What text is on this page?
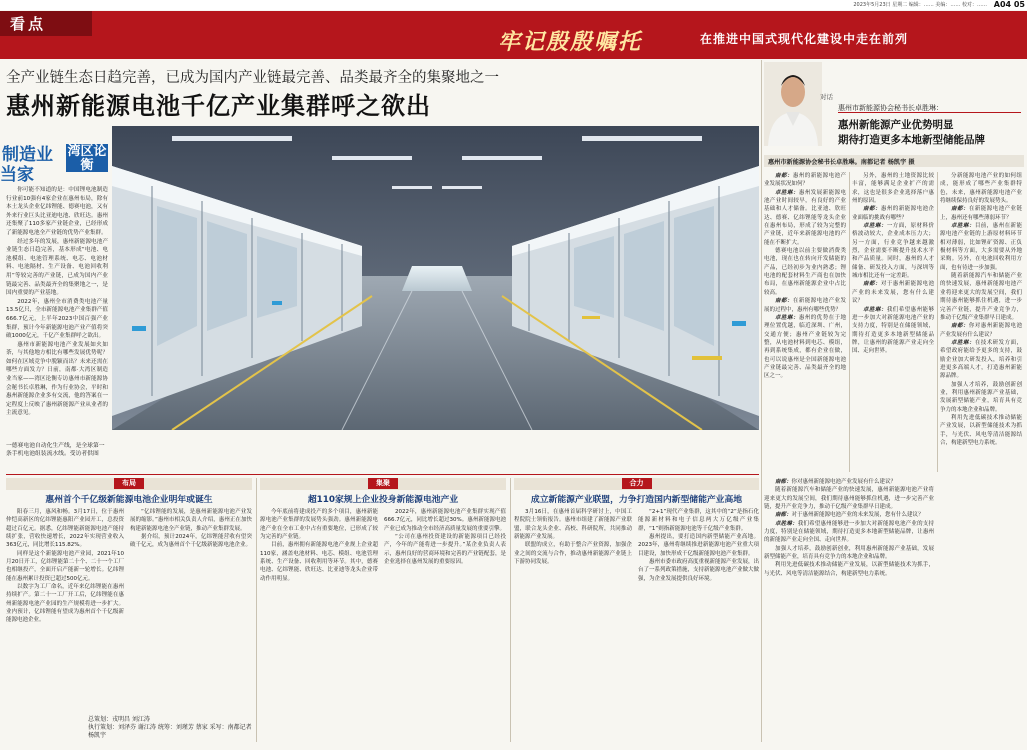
2023年5月23日 星期二 编辑：…… 美编：…… 校对：…… A04 05
看点
牢记殷殷嘱托	在推进中国式现代化建设中走在前列
全产业链生态日趋完善，已成为国内产业链最完善、品类最齐全的集聚地之一
惠州新能源电池千亿产业集群呼之欲出
制造业
当家
湾区论衡

你可能不知道的是：中国锂电池制造行业前10强有4家企业在惠州布局，除有本土龙头企业亿纬锂能、德赛电池，又有外来行业巨头比亚迪电池、欣旺达。惠州还集聚了110多家产业链企业，已经形成了新能源电池全产业链的优势产业集群。

经过多年的发展，惠州新能源电池产业链生态日趋完善，基本形成“电池、电池模组、电池管理系统、电芯、电池材料、电池隔材、生产设备、电池回收利用”等较完善的产业链，已成为国内产业链最完善、品类最齐全的集聚地之一，是国内重要的产业基地。

2022年，惠州全市消费类电池产量13.5亿只，全市新能源电池产业集群产值666.7亿元，上半年2023中国百强产业集群，预计今年新能源电池产业产值将突破1000亿元，千亿产业集群呼之欲出。

惠州市新能源电池产业发展如火如荼，与其他地方相比有哪些发展优势呢？如何在区域竞争中脱颖而出？未来还需在哪些方面发力？日前，南都·大湾区制造业当家——湾区论衡专访惠州市新能源协会秘书长卓胜琳，作为行业协会，平时和惠州新能源企业多有交流，他的答案在一定程度上反映了惠州新能源产业从业者的主流意见。

一德赛电池自动化生产线，是全球第一条手机电池组装流水线。受访者供图
对话
惠州市新能源协会秘书长卓胜琳：
惠州新能源产业优势明显
期待打造更多本地新型储能品牌
惠州市新能源协会秘书长卓胜琳。南都记者 杨凯宇 摄

南都：惠州的新能源电池产业发展状况如何？

卓胜琳：惠州发展新能源电池产业时间较早，有良好的产业基础和人才储备。比亚迪、欣旺达、德赛、亿纬锂能等龙头企业在惠州布局，形成了较为完整的产业链，近年来新能源电池的产能在不断扩大。

德赛电池以前主要做消费类电池，现在也在转向开发储能的产品，已经初步为业内熟悉；锂电池的配套材料生产商也在加快布局，在惠州新能源企业中占比较高。

南都：在新能源电池产业发展的过程中，惠州有哪些优势？

卓胜琳：惠州的优势在于地理位置优越，临近深圳、广州，交通方便；惠州产业链较为完整，从电池材料到电芯、模组，再到系统集成，都有企业在做，也可以说惠州是全国新能源电池产业链最完善、品类最齐全的地区之一。

另外，惠州的土地资源比较丰富，能够满足企业扩产的需求，这也是很多企业选择落户惠州的原因。

南都：惠州的新能源电池企业面临的挑战有哪些？

卓胜琳：一方面，原材料价格波动较大，企业成本压力大；另一方面，行业竞争越来越激烈，企业需要不断提升技术水平和产品质量。同时，惠州的人才储备、研发投入方面，与深圳等城市相比还有一定差距。

南都：对于惠州新能源电池产业的未来发展，您有什么建议？

卓胜琳：我们希望惠州能够进一步加大对新能源电池产业的支持力度，特别是在储能领域，期待打造更多本地新型储能品牌，让惠州的新能源产业走向全国、走向世界。

分新能源电池产业的如何组成，能形成了哪些产业集群特色，未来，惠州新能源电池产业将继续保持良好的发展势头。

南都：在新能源电池产业链上，惠州还有哪些薄弱环节？

卓胜琳：目前，惠州在新能源电池产业链的上游原材料环节相对薄弱，比如锂矿资源、正负极材料等方面，大多需要从外地采购。另外，在电池回收利用方面，也有待进一步加强。

随着新能源汽车和储能产业的快速发展，惠州新能源电池产业将迎来更大的发展空间，我们期待惠州能够抓住机遇，进一步完善产业链，提升产业竞争力，推动千亿级产业集群早日建成。

南都：你对惠州新能源电池产业发展有什么建议？

卓胜琳：在技术研发方面，希望政府能给予更多的支持，鼓励企业加大研发投入，培养和引进更多高端人才，打造惠州新能源品牌。

加强人才培养，鼓励创新创业，利用惠州新能源产业基础，发展新型储能产业，培育具有竞争力的本地企业和品牌。

利用先进低碳技术推动储能产业发展，以新型储能技术为抓手，与光伏、风电等清洁能源结合，构建新型电力系统。

南都：你对惠州新能源电池产业发展有什么建议？

随着新能源汽车和储能产业的快速发展，惠州新能源电池产业将迎来更大的发展空间，我们期待惠州能够抓住机遇，进一步完善产业链，提升产业竞争力，推动千亿级产业集群早日建成。

南都：对于惠州新能源电池产业的未来发展，您有什么建议？

卓胜琳：我们希望惠州能够进一步加大对新能源电池产业的支持力度，特别是在储能领域，期待打造更多本地新型储能品牌，让惠州的新能源产业走向全国、走向世界。

加强人才培养，鼓励创新创业，利用惠州新能源产业基础，发展新型储能产业，培育具有竞争力的本地企业和品牌。

利用先进低碳技术推动储能产业发展，以新型储能技术为抓手，与光伏、风电等清洁能源结合，构建新型电力系统。

布局
惠州首个千亿级新能源电池企业明年或诞生

阳春三月，惠风和畅。3月17日，位于惠州仲恺高新区的亿纬锂能惠阳产业园开工，总投资超过百亿元。据悉，亿纬锂能新能源电池产能持续扩张，营收快速增长，2022年实现营业收入363亿元，同比增长115.82%。

同样是这个新能源电池产业园，2021年10月20日开工，亿纬锂能第二十个、二十一个工厂也相继投产，全面开启产能新一轮增长。亿纬锂能在惠州累计投资已超过500亿元。

以数字为工厂命名，近年来亿纬锂能在惠州持续扩产。第二十一工厂开工后，亿纬锂能在惠州新能源电池产业园的生产规模将进一步扩大。业内预计，亿纬锂能有望成为惠州首个千亿级新能源电池企业。

“亿纬锂能的发展，是惠州新能源电池产业发展的缩影。”惠州市相关负责人介绍，惠州正在加快构建新能源电池全产业链，推动产业集群发展。

据介绍，预计2024年，亿纬锂能营收有望突破千亿元，成为惠州首个千亿级新能源电池企业。

总策划：戎明昌 刘江涛
执行策划：刘泽芬 谢江涛 统筹：刘瑾芳 蔡家 采写：南都记者 杨凯宇
集聚
超110家规上企业投身新能源电池产业

今年底前将建成投产的多个项目，惠州新能源电池产业集群的发展势头强劲。惠州新能源电池产业在全市工业中占有重要地位，已形成了较为完善的产业链。

目前，惠州拥有新能源电池产业规上企业超110家，涵盖电池材料、电芯、模组、电池管理系统、生产设备、回收利用等环节。其中，德赛电池、亿纬锂能、欣旺达、比亚迪等龙头企业带动作用明显。

2022年，惠州新能源电池产业集群实现产值666.7亿元，同比增长超过30%。惠州新能源电池产业已成为推动全市经济高质量发展的重要引擎。

“公司在惠州投资建设的新能源项目已经投产，今年的产能将进一步提升。”某企业负责人表示，惠州良好的营商环境和完善的产业链配套，是企业选择在惠州发展的重要原因。

合力
成立新能源产业联盟，力争打造国内新型储能产业高地

3月16日，在惠州首届科学研讨上，中国工程院院士领衔报告。惠州市组建了新能源产业联盟，联合龙头企业、高校、科研院所，共同推动新能源产业发展。

联盟的成立，有助于整合产业资源，加强企业之间的交流与合作，推动惠州新能源产业链上下游协同发展。

“2+1”现代产业集群，这其中的“2”是指石化能源新材料和电子信息两大万亿级产业集群，“1”则指新能源电池等千亿级产业集群。

惠州提出，要打造国内新型储能产业高地。2023年，惠州将继续推进新能源电池产业重大项目建设，加快形成千亿级新能源电池产业集群。

惠州市委市政府高度重视新能源产业发展，出台了一系列政策措施，支持新能源电池产业做大做强，为企业发展提供良好环境。
